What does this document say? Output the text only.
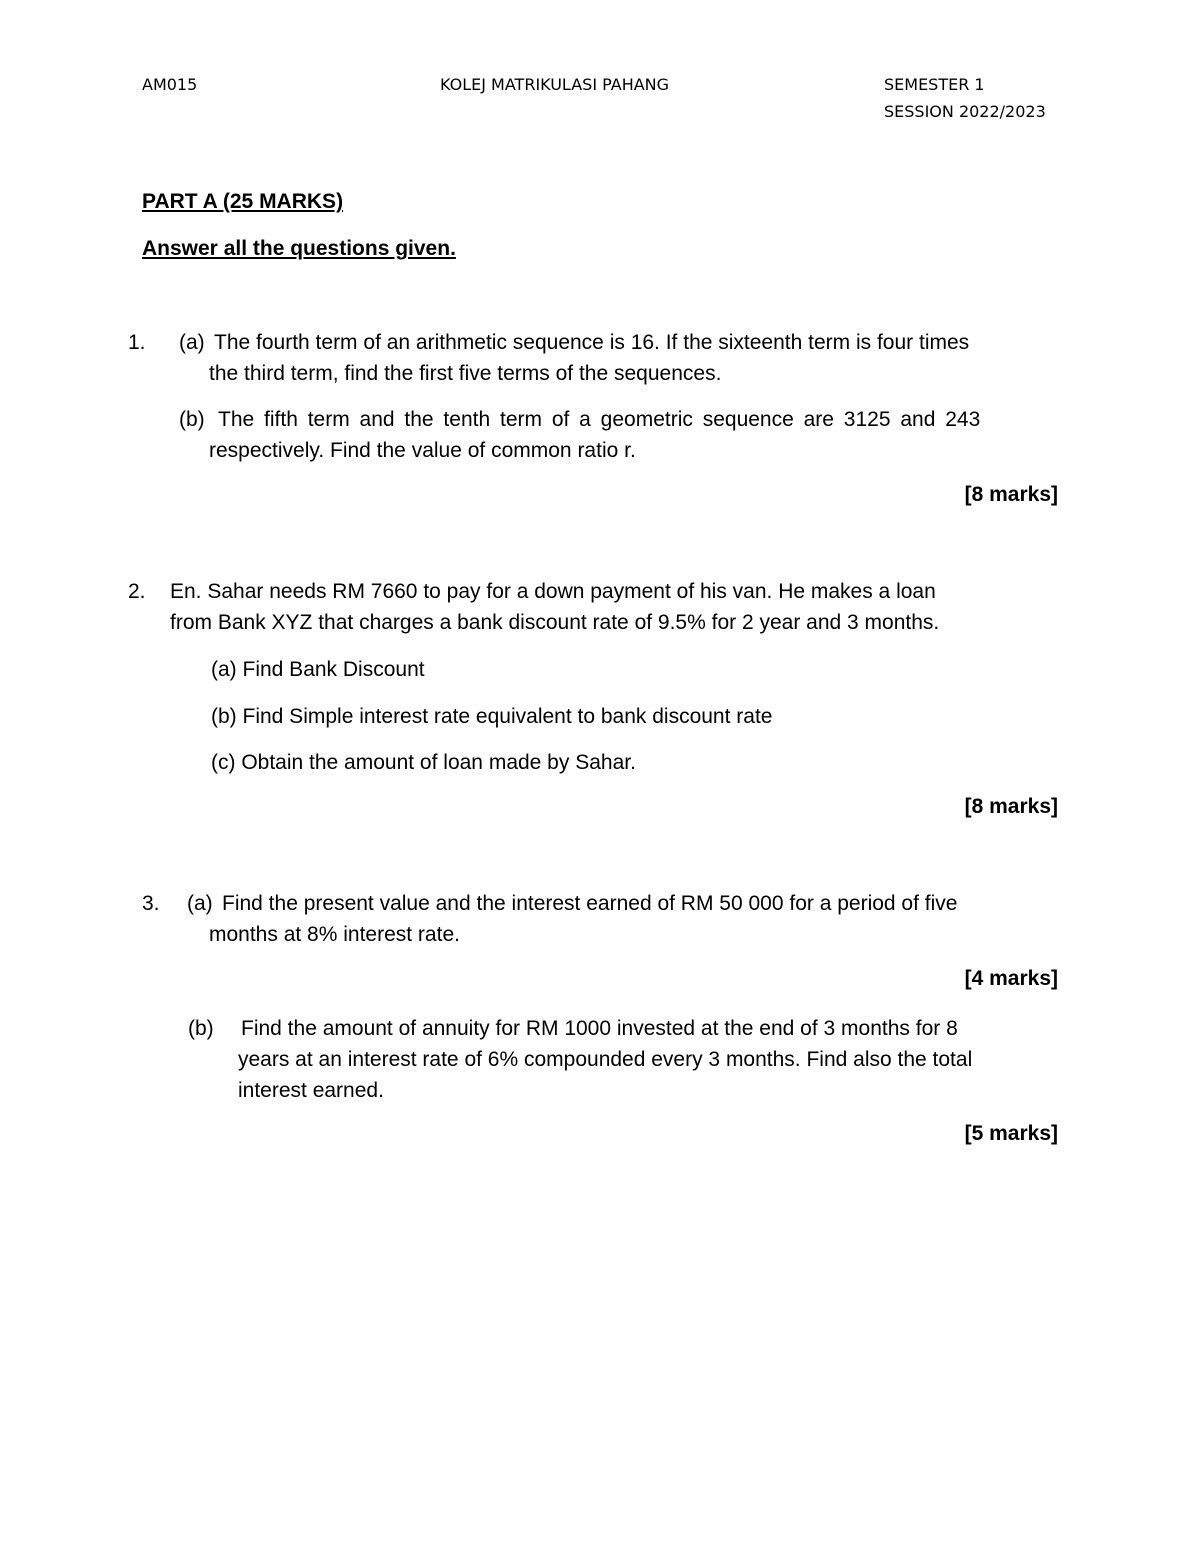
AM015	KOLEJ MATRIKULASI PAHANG	SEMESTER 1
SESSION 2022/2023
PART A (25 MARKS)
Answer all the questions given.
1. (a) The fourth term of an arithmetic sequence is 16. If the sixteenth term is four times
the third term, find the first five terms of the sequences.
(b) The fifth term and the tenth term of a geometric sequence are 3125 and 243
respectively. Find the value of common ratio r.
[8 marks]
2. En. Sahar needs RM 7660 to pay for a down payment of his van. He makes a loan
from Bank XYZ that charges a bank discount rate of 9.5% for 2 year and 3 months.
(a) Find Bank Discount
(b) Find Simple interest rate equivalent to bank discount rate
(c) Obtain the amount of loan made by Sahar.
[8 marks]
3. (a) Find the present value and the interest earned of RM 50 000 for a period of five
months at 8% interest rate.
[4 marks]
(b) Find the amount of annuity for RM 1000 invested at the end of 3 months for 8
years at an interest rate of 6% compounded every 3 months. Find also the total
interest earned.
[5 marks]
